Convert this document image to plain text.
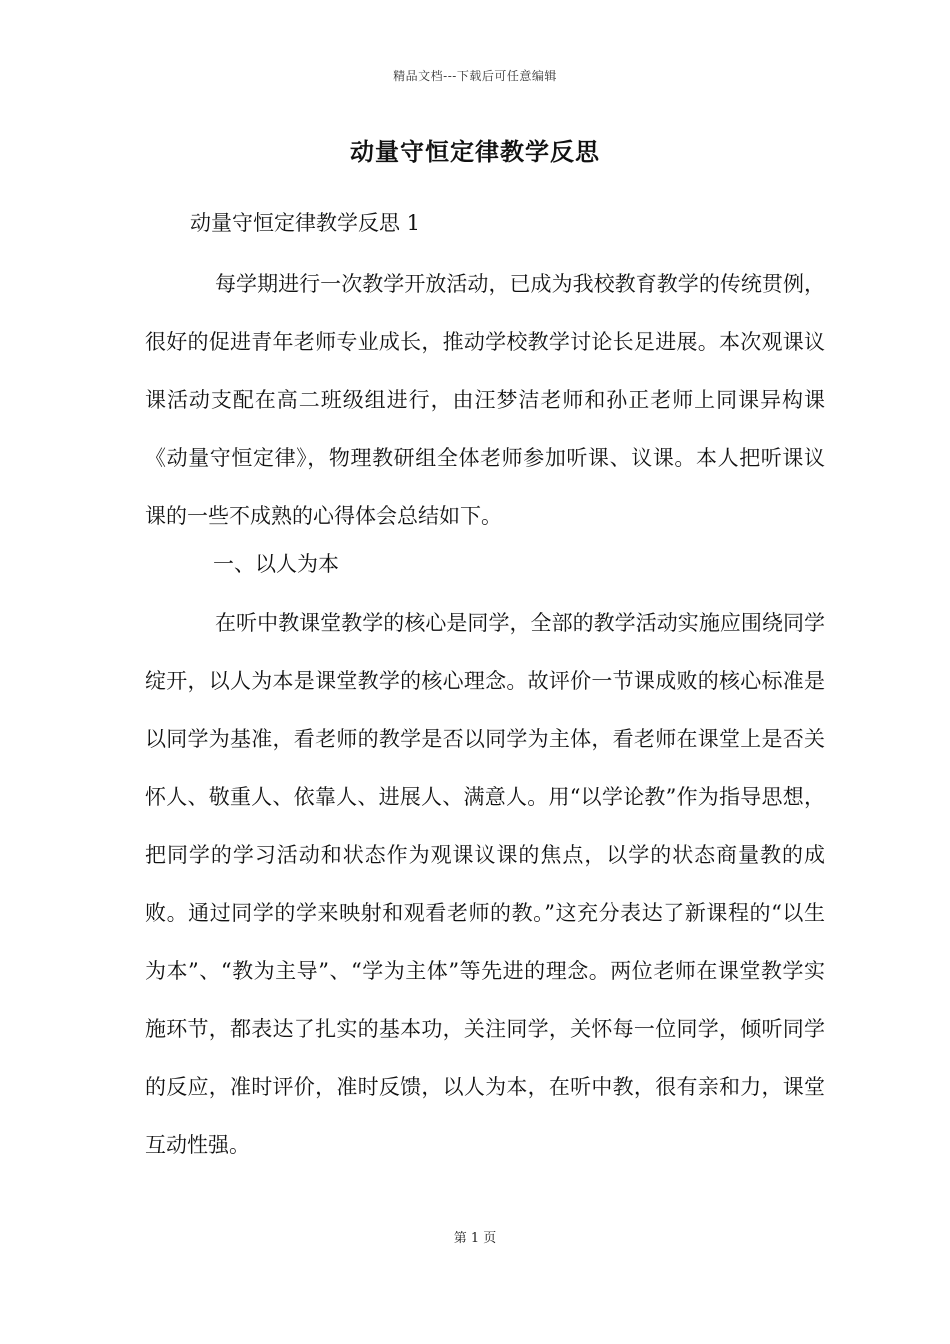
精品文档---下载后可任意编辑
动量守恒定律教学反思
动量守恒定律教学反思 1

每学期进行一次教学开放活动，已成为我校教育教学的传统贯例，很好的促进青年老师专业成长，推动学校教学讨论长足进展。本次观课议课活动支配在高二班级组进行，由汪梦洁老师和孙正老师上同课异构课《动量守恒定律》，物理教研组全体老师参加听课、议课。本人把听课议课的一些不成熟的心得体会总结如下。

一、以人为本

在听中教课堂教学的核心是同学，全部的教学活动实施应围绕同学绽开，以人为本是课堂教学的核心理念。故评价一节课成败的核心标准是以同学为基准，看老师的教学是否以同学为主体，看老师在课堂上是否关怀人、敬重人、依靠人、进展人、满意人。用“以学论教”作为指导思想，把同学的学习活动和状态作为观课议课的焦点，以学的状态商量教的成败。通过同学的学来映射和观看老师的教。”这充分表达了新课程的“以生为本”、“教为主导”、“学为主体”等先进的理念。两位老师在课堂教学实施环节，都表达了扎实的基本功，关注同学，关怀每一位同学，倾听同学的反应，准时评价，准时反馈，以人为本，在听中教，很有亲和力，课堂互动性强。

第 1 页
